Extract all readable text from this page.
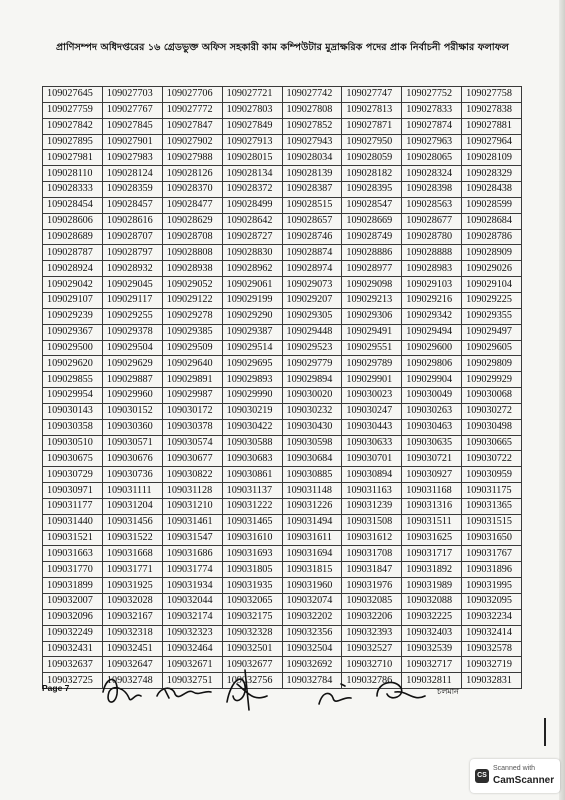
প্রাণিসম্পদ অধিদপ্তরের ১৬ গ্রেডভুক্ত অফিস সহকারী কাম কম্পিউটার মুদ্রাক্ষরিক পদের প্রাক নির্বাচনী পরীক্ষার ফলাফল
109027645	109027703	109027706	109027721	109027742	109027747	109027752	109027758
109027759	109027767	109027772	109027803	109027808	109027813	109027833	109027838
109027842	109027845	109027847	109027849	109027852	109027871	109027874	109027881
109027895	109027901	109027902	109027913	109027943	109027950	109027963	109027964
109027981	109027983	109027988	109028015	109028034	109028059	109028065	109028109
109028110	109028124	109028126	109028134	109028139	109028182	109028324	109028329
109028333	109028359	109028370	109028372	109028387	109028395	109028398	109028438
109028454	109028457	109028477	109028499	109028515	109028547	109028563	109028599
109028606	109028616	109028629	109028642	109028657	109028669	109028677	109028684
109028689	109028707	109028708	109028727	109028746	109028749	109028780	109028786
109028787	109028797	109028808	109028830	109028874	109028886	109028888	109028909
109028924	109028932	109028938	109028962	109028974	109028977	109028983	109029026
109029042	109029045	109029052	109029061	109029073	109029098	109029103	109029104
109029107	109029117	109029122	109029199	109029207	109029213	109029216	109029225
109029239	109029255	109029278	109029290	109029305	109029306	109029342	109029355
109029367	109029378	109029385	109029387	109029448	109029491	109029494	109029497
109029500	109029504	109029509	109029514	109029523	109029551	109029600	109029605
109029620	109029629	109029640	109029695	109029779	109029789	109029806	109029809
109029855	109029887	109029891	109029893	109029894	109029901	109029904	109029929
109029954	109029960	109029987	109029990	109030020	109030023	109030049	109030068
109030143	109030152	109030172	109030219	109030232	109030247	109030263	109030272
109030358	109030360	109030378	109030422	109030430	109030443	109030463	109030498
109030510	109030571	109030574	109030588	109030598	109030633	109030635	109030665
109030675	109030676	109030677	109030683	109030684	109030701	109030721	109030722
109030729	109030736	109030822	109030861	109030885	109030894	109030927	109030959
109030971	109031111	109031128	109031137	109031148	109031163	109031168	109031175
109031177	109031204	109031210	109031222	109031226	109031239	109031316	109031365
109031440	109031456	109031461	109031465	109031494	109031508	109031511	109031515
109031521	109031522	109031547	109031610	109031611	109031612	109031625	109031650
109031663	109031668	109031686	109031693	109031694	109031708	109031717	109031767
109031770	109031771	109031774	109031805	109031815	109031847	109031892	109031896
109031899	109031925	109031934	109031935	109031960	109031976	109031989	109031995
109032007	109032028	109032044	109032065	109032074	109032085	109032088	109032095
109032096	109032167	109032174	109032175	109032202	109032206	109032225	109032234
109032249	109032318	109032323	109032328	109032356	109032393	109032403	109032414
109032431	109032451	109032464	109032501	109032504	109032527	109032539	109032578
109032637	109032647	109032671	109032677	109032692	109032710	109032717	109032719
109032725	109032748	109032751	109032756	109032784	109032786	109032811	109032831
Page 7	চলমান
CS
Scanned with
CamScanner
